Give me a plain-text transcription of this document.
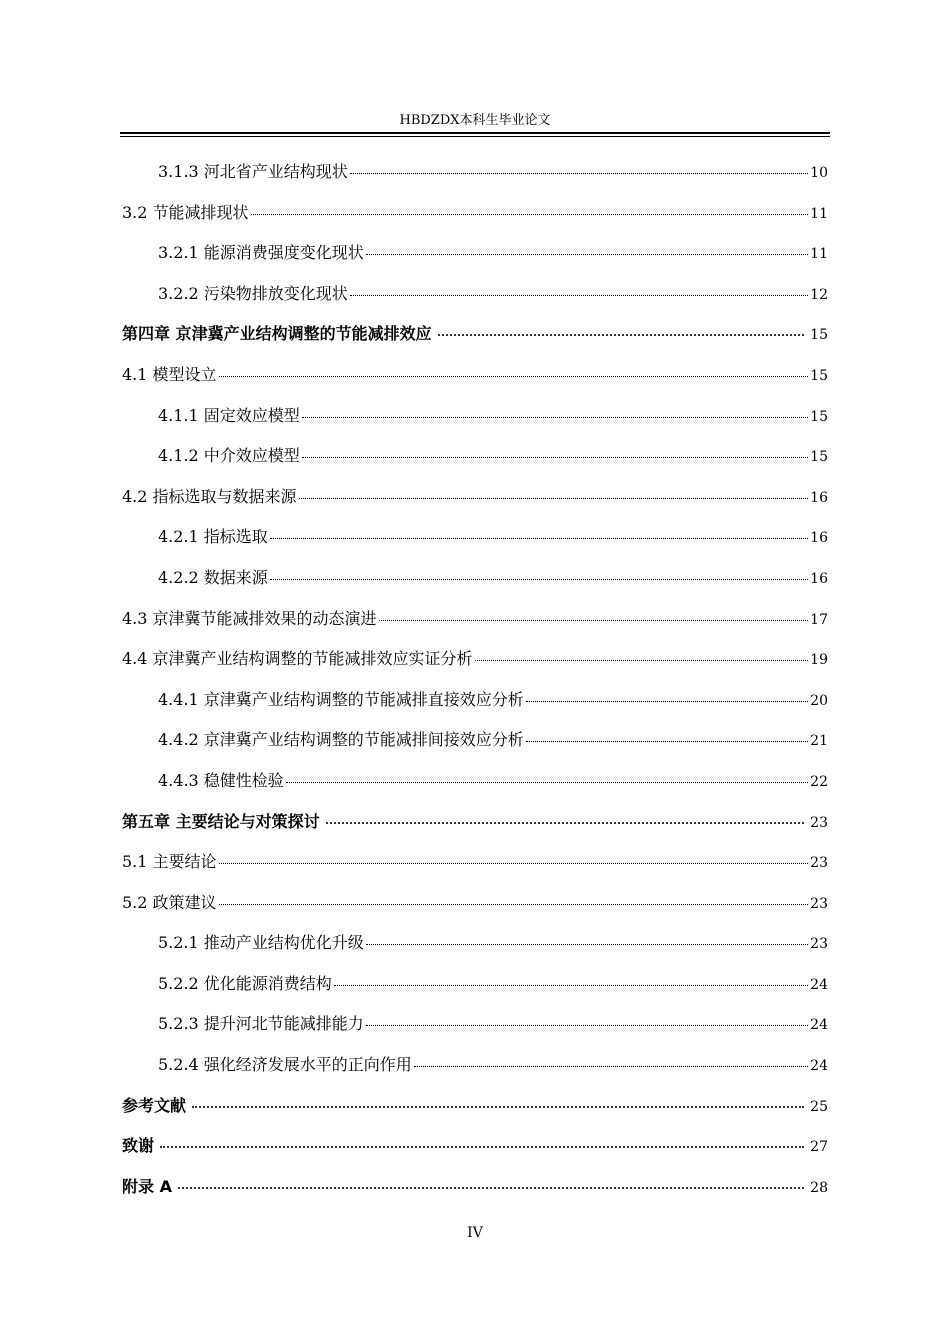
HBDZDX本科生毕业论文
3.1.3 河北省产业结构现状	10
3.2 节能减排现状	11
3.2.1 能源消费强度变化现状	11
3.2.2 污染物排放变化现状	12
第四章 京津冀产业结构调整的节能减排效应	15
4.1 模型设立	15
4.1.1 固定效应模型	15
4.1.2 中介效应模型	15
4.2 指标选取与数据来源	16
4.2.1 指标选取	16
4.2.2 数据来源	16
4.3 京津冀节能减排效果的动态演进	17
4.4 京津冀产业结构调整的节能减排效应实证分析	19
4.4.1 京津冀产业结构调整的节能减排直接效应分析	20
4.4.2 京津冀产业结构调整的节能减排间接效应分析	21
4.4.3 稳健性检验	22
第五章 主要结论与对策探讨	23
5.1 主要结论	23
5.2 政策建议	23
5.2.1 推动产业结构优化升级	23
5.2.2 优化能源消费结构	24
5.2.3 提升河北节能减排能力	24
5.2.4 强化经济发展水平的正向作用	24
参考文献	25
致谢	27
附录 A	28
IV
